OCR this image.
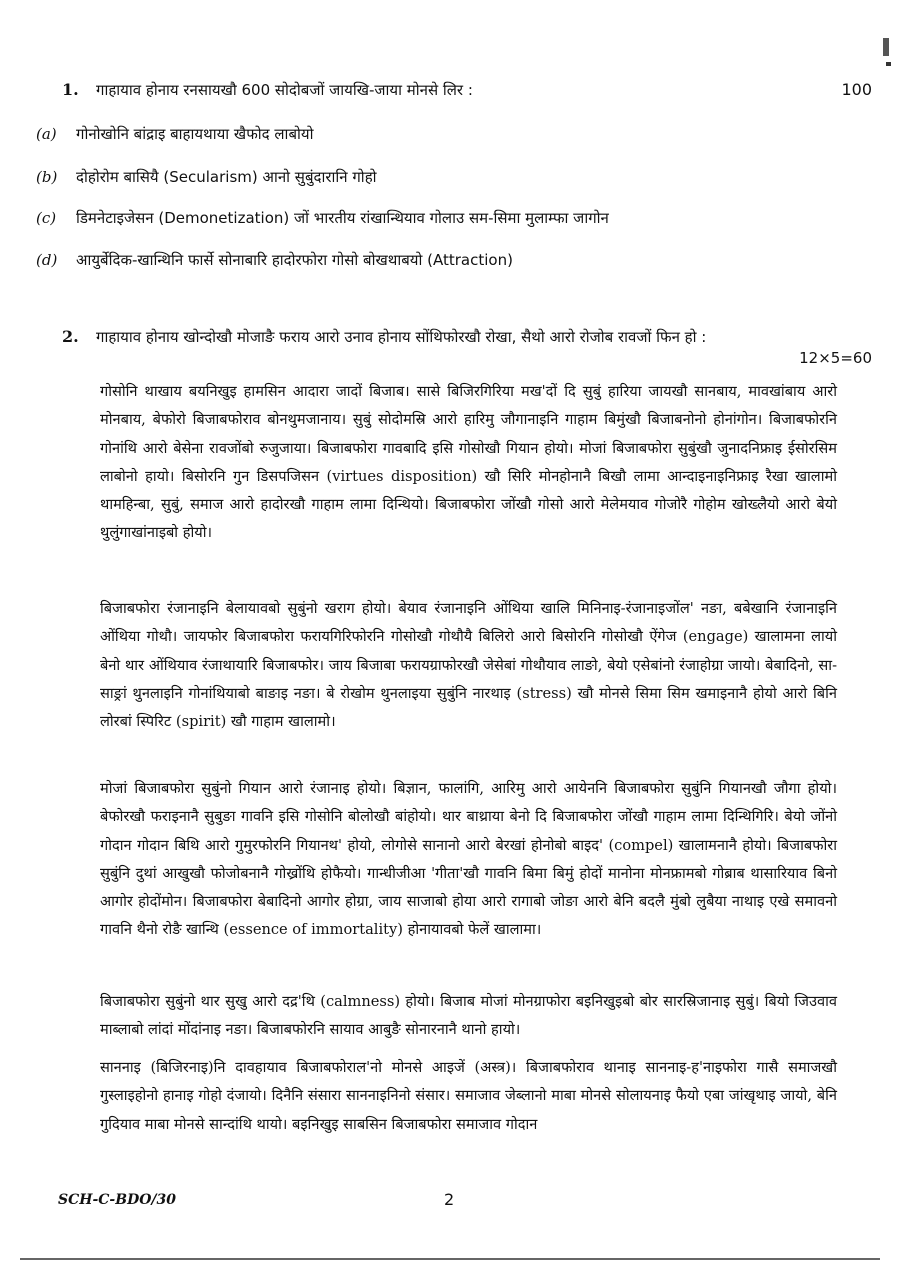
1. गाहायाव होनाय रनसायखौ 600 सोदोबजों जायखि-जाया मोनसे लिर :	100
(a) गोनोखोनि बांद्राइ बाहायथाया खैफोद लाबोयो
(b) दोहोरोम बासियै (Secularism) आनो सुबुंदारानि गोहो
(c) डिमनेटाइजेसन (Demonetization) जों भारतीय रांखान्थियाव गोलाउ सम-सिमा मुलाम्फा जागोन
(d) आयुर्बेदिक-खान्थिनि फार्से सोनाबारि हादोरफोरा गोसो बोखथाबयो (Attraction)
2. गाहायाव होनाय खोन्दोखौ मोजाङै फराय आरो उनाव होनाय सोंथिफोरखौ रोखा, सैथो आरो रोजोब रावजों फिन हो :
12×5=60
गोसोनि थाखाय बयनिखुइ हामसिन आदारा जादों बिजाब। सासे बिजिरगिरिया मख'दों दि सुबुं हारिया जायखौ सानबाय, मावखांबाय आरो मोनबाय, बेफोरो बिजाबफोराव बोनथुमजानाय। सुबुं सोदोमस्रि आरो हारिमु जौगानाइनि गाहाम बिमुंखौ बिजाबनोनो होनांगोन। बिजाबफोरनि गोनांथि आरो बेसेना रावजोंबो रुजुजाया। बिजाबफोरा गावबादि इसि गोसोखौ गियान होयो। मोजां बिजाबफोरा सुबुंखौ जुनादनिफ्राइ ईसोरसिम लाबोनो हायो। बिसोरनि गुन डिसपजिसन (virtues disposition) खौ सिरि मोनहोनानै बिखौ लामा आन्दाइनाइनिफ्राइ रैखा खालामो थामहिन्बा, सुबुं, समाज आरो हादोरखौ गाहाम लामा दिन्थियो। बिजाबफोरा जोंखौ गोसो आरो मेलेमयाव गोजोरै गोहोम खोख्लैयो आरो बेयो थुलुंगाखांनाइबो होयो।
बिजाबफोरा रंजानाइनि बेलायावबो सुबुंनो खराग होयो। बेयाव रंजानाइनि ओंथिया खालि मिनिनाइ-रंजानाइजोंल' नङा, बबेखानि रंजानाइनि ओंथिया गोथौ। जायफोर बिजाबफोरा फरायगिरिफोरनि गोसोखौ गोथौयै बिलिरो आरो बिसोरनि गोसोखौ ऐंगेज (engage) खालामना लायो बेनो थार ओंथियाव रंजाथायारि बिजाबफोर। जाय बिजाबा फरायग्राफोरखौ जेसेबां गोथौयाव लाङो, बेयो एसेबांनो रंजाहोग्रा जायो। बेबादिनो, सा-साङ्रां थुनलाइनि गोनांथियाबो बाङाइ नङा। बे रोखोम थुनलाइया सुबुंनि नारथाइ (stress) खौ मोनसे सिमा सिम खमाइनानै होयो आरो बिनि लोरबां स्पिरिट (spirit) खौ गाहाम खालामो।
मोजां बिजाबफोरा सुबुंनो गियान आरो रंजानाइ होयो। बिज्ञान, फालांगि, आरिमु आरो आयेननि बिजाबफोरा सुबुंनि गियानखौ जौगा होयो। बेफोरखौ फराइनानै सुबुङा गावनि इसि गोसोनि बोलोखौ बांहोयो। थार बाथ्राया बेनो दि बिजाबफोरा जोंखौ गाहाम लामा दिन्थिगिरि। बेयो जोंनो गोदान गोदान बिथि आरो गुमुरफोरनि गियानथ' होयो, लोगोसे सानानो आरो बेरखां होनोबो बाइद' (compel) खालामनानै होयो। बिजाबफोरा सुबुंनि दुथां आखुखौ फोजोबनानै गोख्रोंथि होफैयो। गान्धीजीआ 'गीता'खौ गावनि बिमा बिमुं होदों मानोना मोनफ्रामबो गोब्राब थासारियाव बिनो आगोर होदोंमोन। बिजाबफोरा बेबादिनो आगोर होग्रा, जाय साजाबो होया आरो रागाबो जोङा आरो बेनि बदलै मुंबो लुबैया नाथाइ एखे समावनो गावनि थैनो रोङै खान्थि (essence of immortality) होनायावबो फेलें खालामा।
बिजाबफोरा सुबुंनो थार सुखु आरो दद्र'थि (calmness) होयो। बिजाब मोजां मोनग्राफोरा बइनिखुइबो बोर सारस्रिजानाइ सुबुं। बियो जिउवाव माब्लाबो लांदां मोंदांनाइ नङा। बिजाबफोरनि सायाव आबुङै सोनारनानै थानो हायो।
साननाइ (बिजिरनाइ)नि दावहायाव बिजाबफोराल'नो मोनसे आइजें (अस्त्र)। बिजाबफोराव थानाइ साननाइ-ह'नाइफोरा गासै समाजखौ गुस्लाइहोनो हानाइ गोहो दंजायो। दिनैनि संसारा साननाइनिनो संसार। समाजाव जेब्लानो माबा मोनसे सोलायनाइ फैयो एबा जांखृथाइ जायो, बेनि गुदियाव माबा मोनसे सान्दांथि थायो। बइनिखुइ साबसिन बिजाबफोरा समाजाव गोदान
SCH-C-BDO/30	2
